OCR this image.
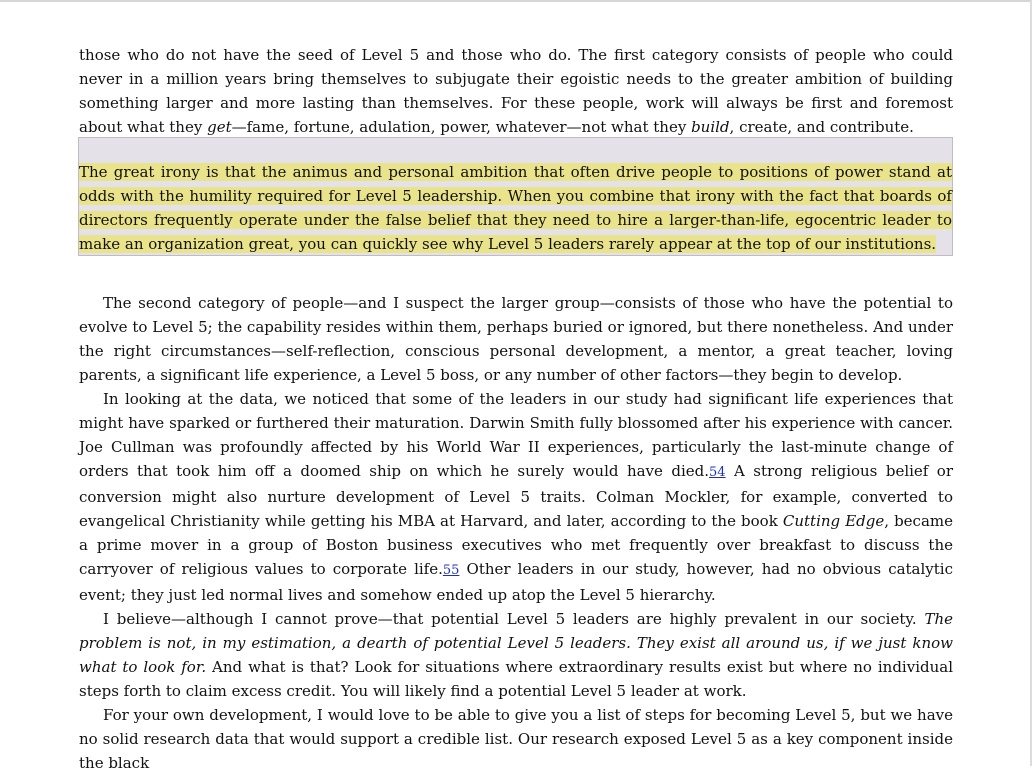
those who do not have the seed of Level 5 and those who do. The first category consists of people who could never in a million years bring themselves to subjugate their egoistic needs to the greater ambition of building something larger and more lasting than themselves. For these people, work will always be first and foremost about what they get—fame, fortune, adulation, power, whatever—not what they build, create, and contribute.

The great irony is that the animus and personal ambition that often drive people to positions of power stand at odds with the humility required for Level 5 leadership. When you combine that irony with the fact that boards of directors frequently operate under the false belief that they need to hire a larger-than-life, egocentric leader to make an organization great, you can quickly see why Level 5 leaders rarely appear at the top of our institutions.

The second category of people—and I suspect the larger group—consists of those who have the potential to evolve to Level 5; the capability resides within them, perhaps buried or ignored, but there nonetheless. And under the right circumstances—self-reflection, conscious personal development, a mentor, a great teacher, loving parents, a significant life experience, a Level 5 boss, or any number of other factors—they begin to develop.

In looking at the data, we noticed that some of the leaders in our study had significant life experiences that might have sparked or furthered their maturation. Darwin Smith fully blossomed after his experience with cancer. Joe Cullman was profoundly affected by his World War II experiences, particularly the last-minute change of orders that took him off a doomed ship on which he surely would have died.54 A strong religious belief or conversion might also nurture development of Level 5 traits. Colman Mockler, for example, converted to evangelical Christianity while getting his MBA at Harvard, and later, according to the book Cutting Edge, became a prime mover in a group of Boston business executives who met frequently over breakfast to discuss the carryover of religious values to corporate life.55 Other leaders in our study, however, had no obvious catalytic event; they just led normal lives and somehow ended up atop the Level 5 hierarchy.

I believe—although I cannot prove—that potential Level 5 leaders are highly prevalent in our society. The problem is not, in my estimation, a dearth of potential Level 5 leaders. They exist all around us, if we just know what to look for. And what is that? Look for situations where extraordinary results exist but where no individual steps forth to claim excess credit. You will likely find a potential Level 5 leader at work.

For your own development, I would love to be able to give you a list of steps for becoming Level 5, but we have no solid research data that would support a credible list. Our research exposed Level 5 as a key component inside the black
